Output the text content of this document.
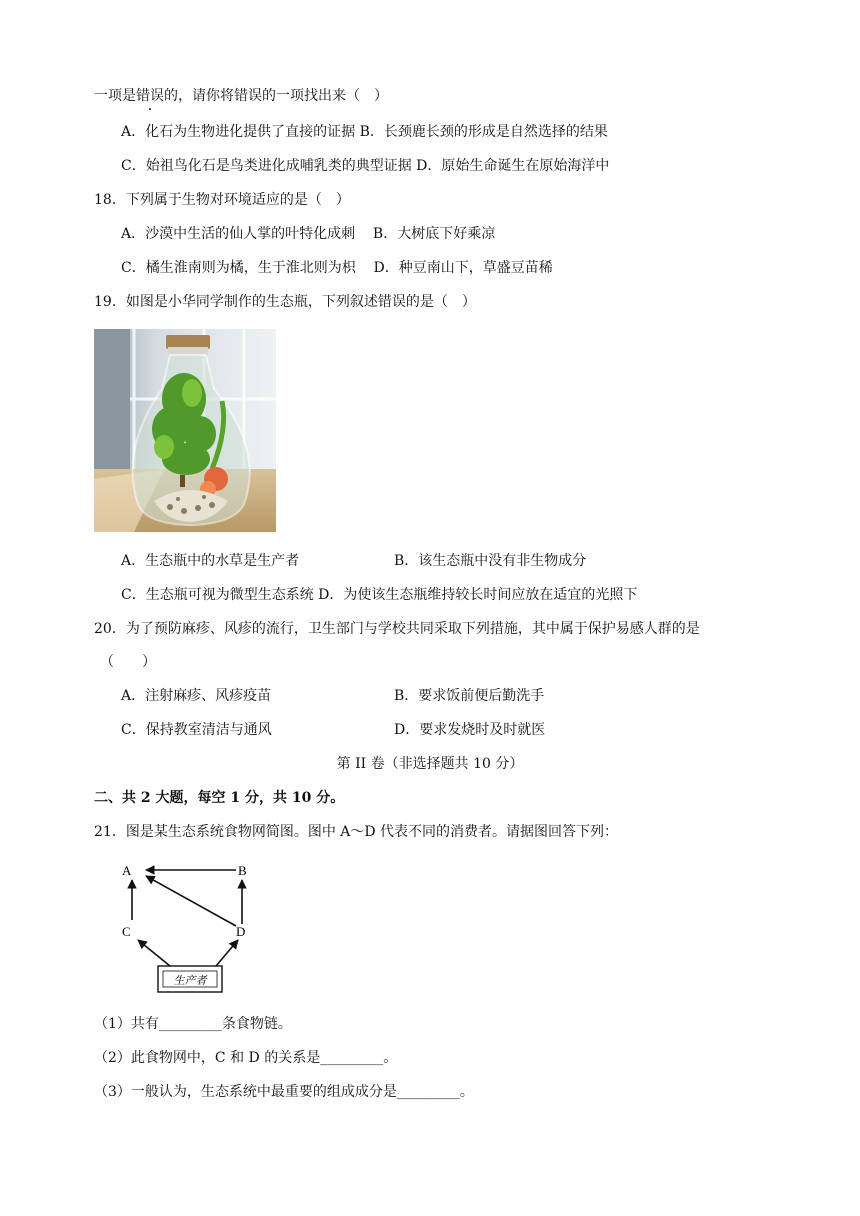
一项是错误的，请你将错误的一项找出来（　）
A．化石为生物进化提供了直接的证据 B．长颈鹿长颈的形成是自然选择的结果
C．始祖鸟化石是鸟类进化成哺乳类的典型证据 D．原始生命诞生在原始海洋中
18．下列属于生物对环境适应的是（　）
A．沙漠中生活的仙人掌的叶特化成刺 B．大树底下好乘凉
C．橘生淮南则为橘，生于淮北则为枳 D．种豆南山下，草盛豆苗稀
19．如图是小华同学制作的生态瓶，下列叙述错误的是（　）
A．生态瓶中的水草是生产者	B．该生态瓶中没有非生物成分
C．生态瓶可视为微型生态系统 D．为使该生态瓶维持较长时间应放在适宜的光照下
20．为了预防麻疹、风疹的流行，卫生部门与学校共同采取下列措施，其中属于保护易感人群的是
（　　）
A．注射麻疹、风疹疫苗	B．要求饭前便后勤洗手
C．保持教室清洁与通风	D．要求发烧时及时就医
第 II 卷（非选择题共 10 分）
二、共 2 大题，每空 1 分，共 10 分。
21．图是某生态系统食物网简图。图中 A～D 代表不同的消费者。请据图回答下列：
A	B
C	D
生产者
（1）共有_________条食物链。
（2）此食物网中，C 和 D 的关系是_________。
（3）一般认为，生态系统中最重要的组成成分是_________。
